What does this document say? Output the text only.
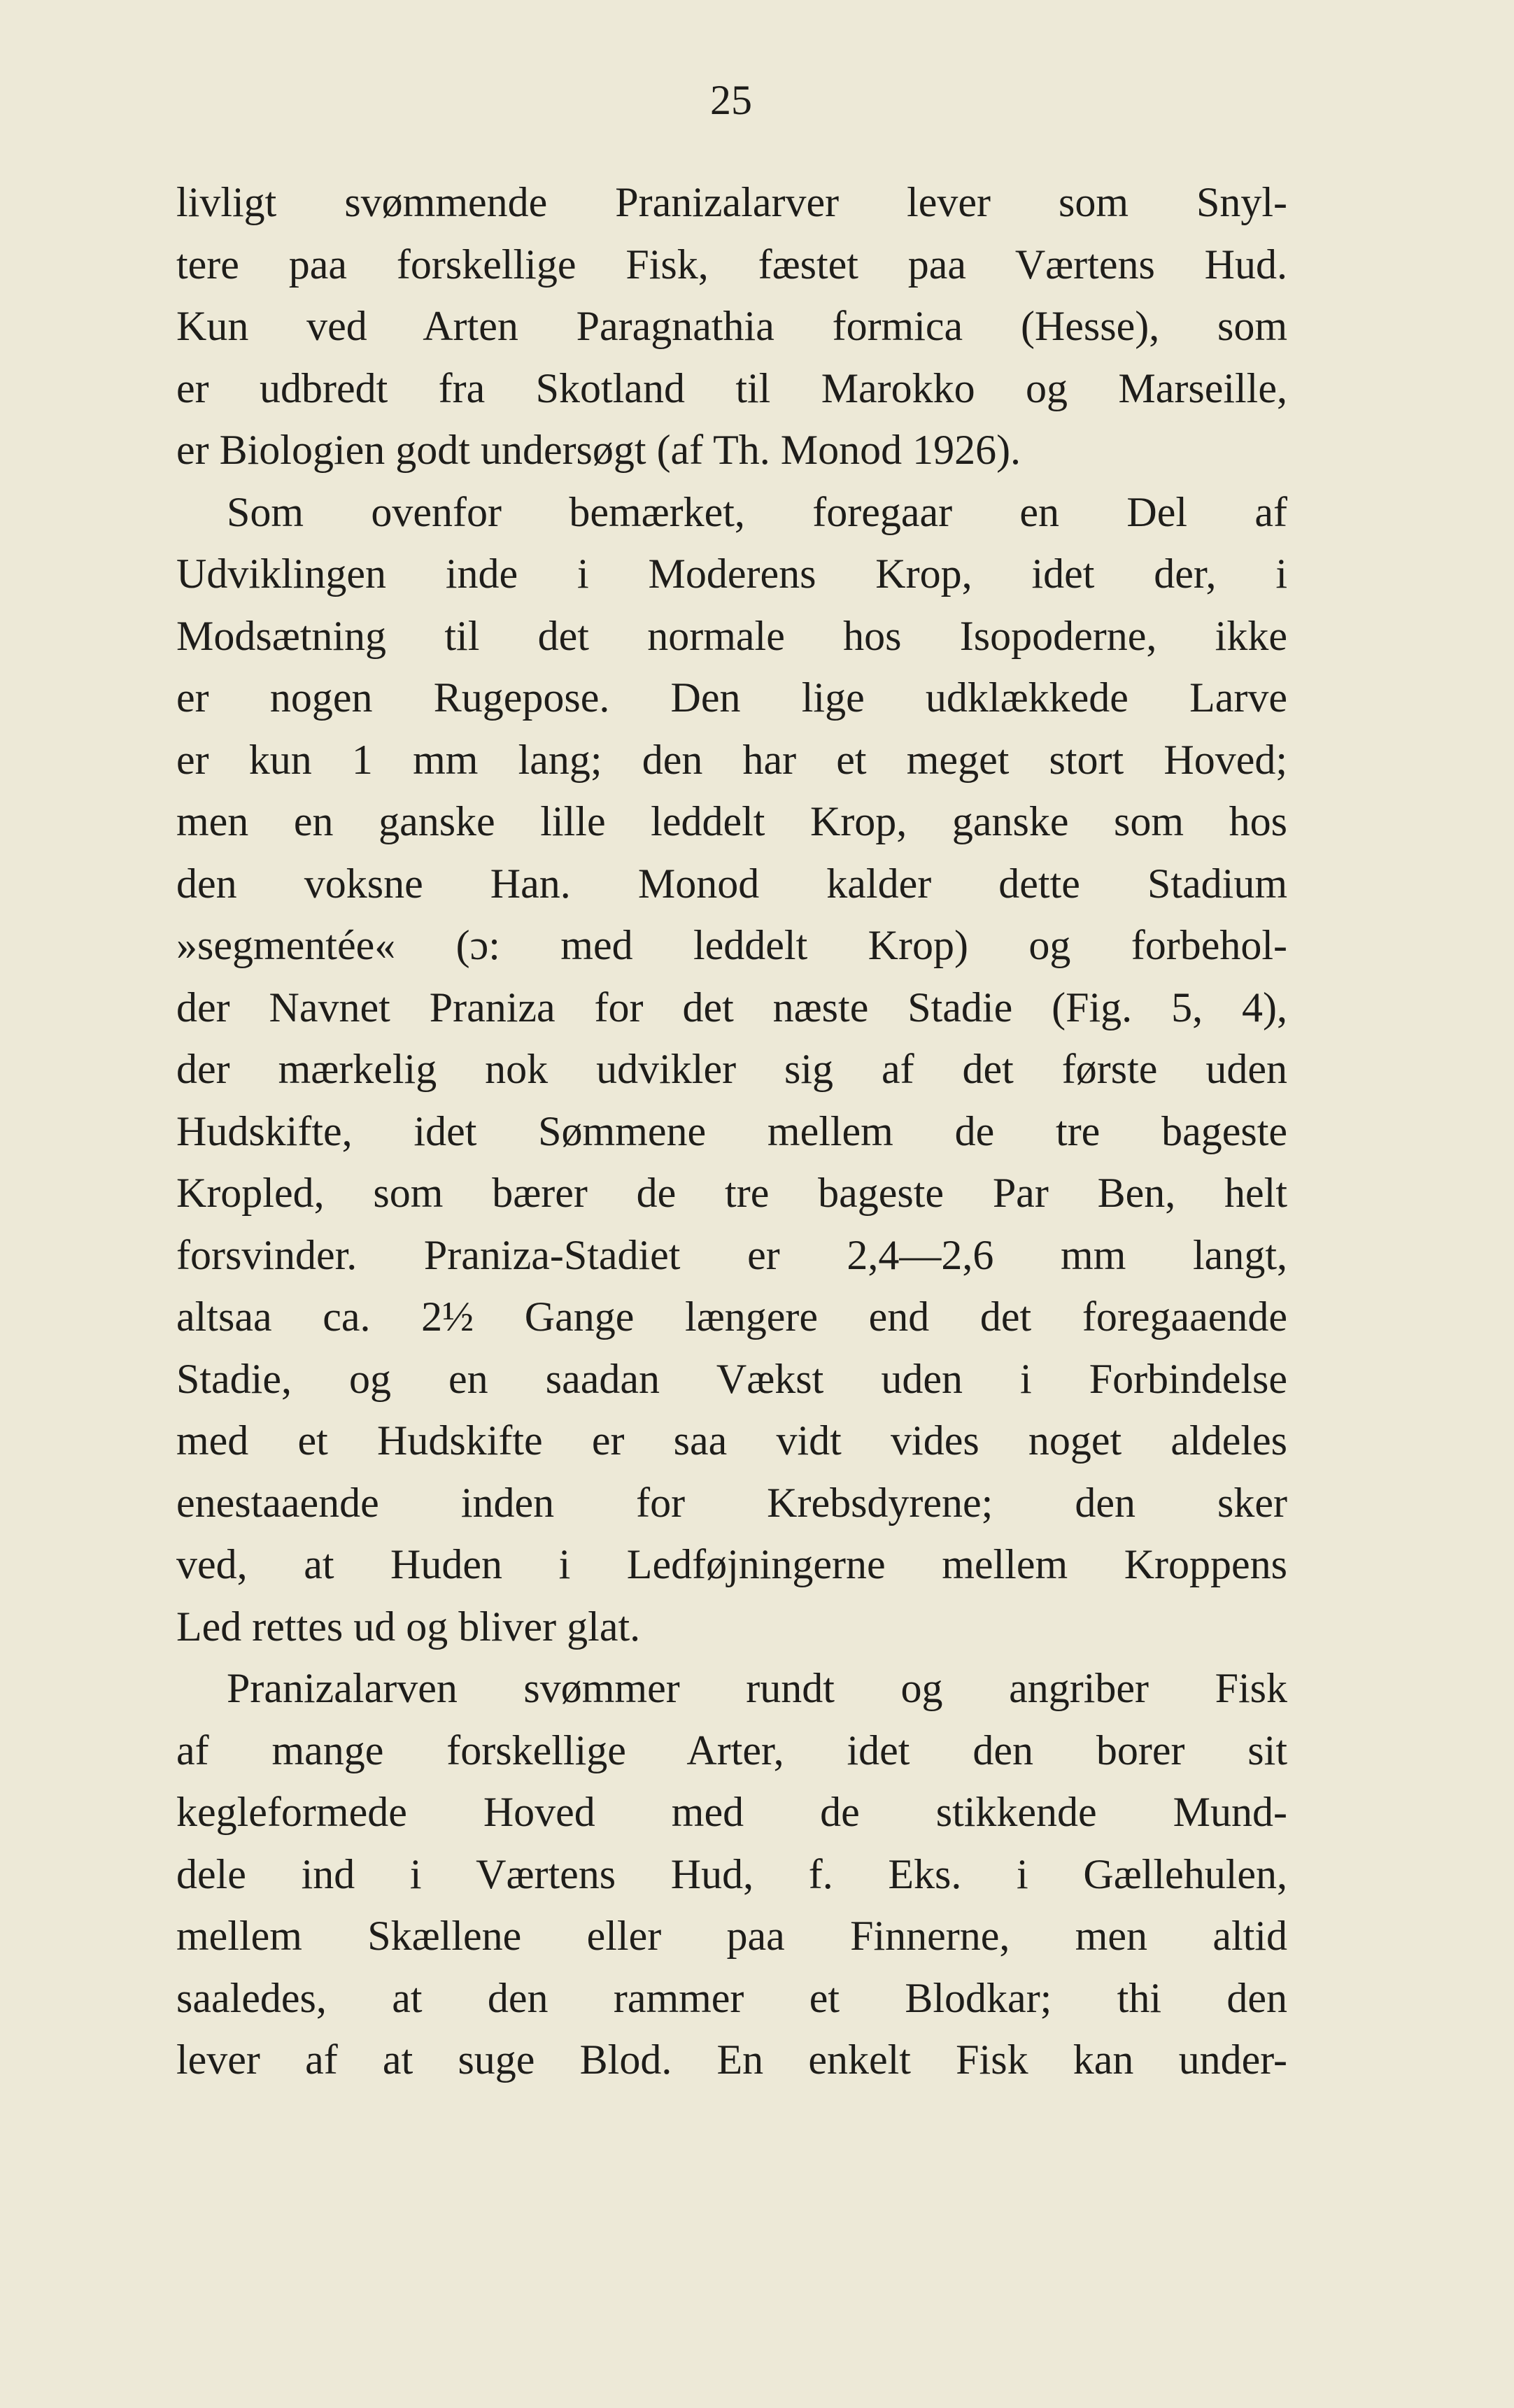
25
livligt svømmende Pranizalarver lever som Snyl-
tere paa forskellige Fisk, fæstet paa Værtens Hud.
Kun ved Arten Paragnathia formica (Hesse), som
er udbredt fra Skotland til Marokko og Marseille,
er Biologien godt undersøgt (af Th. Monod 1926).
Som ovenfor bemærket, foregaar en Del af
Udviklingen inde i Moderens Krop, idet der, i
Modsætning til det normale hos Isopoderne, ikke
er nogen Rugepose. Den lige udklækkede Larve
er kun 1 mm lang; den har et meget stort Hoved;
men en ganske lille leddelt Krop, ganske som hos
den voksne Han. Monod kalder dette Stadium
»segmentée« (ɔ: med leddelt Krop) og forbehol-
der Navnet Praniza for det næste Stadie (Fig. 5, 4),
der mærkelig nok udvikler sig af det første uden
Hudskifte, idet Sømmene mellem de tre bageste
Kropled, som bærer de tre bageste Par Ben, helt
forsvinder. Praniza-Stadiet er 2,4—2,6 mm langt,
altsaa ca. 2½ Gange længere end det foregaaende
Stadie, og en saadan Vækst uden i Forbindelse
med et Hudskifte er saa vidt vides noget aldeles
enestaaende inden for Krebsdyrene; den sker
ved, at Huden i Ledføjningerne mellem Kroppens
Led rettes ud og bliver glat.
Pranizalarven svømmer rundt og angriber Fisk
af mange forskellige Arter, idet den borer sit
kegleformede Hoved med de stikkende Mund-
dele ind i Værtens Hud, f. Eks. i Gællehulen,
mellem Skællene eller paa Finnerne, men altid
saaledes, at den rammer et Blodkar; thi den
lever af at suge Blod. En enkelt Fisk kan under-
